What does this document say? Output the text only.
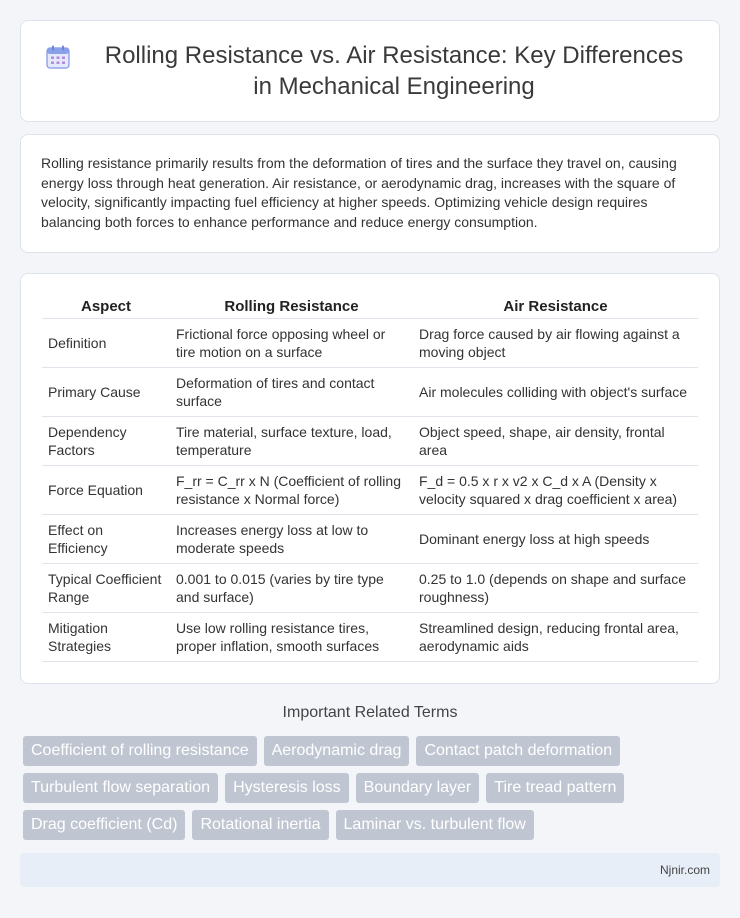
Rolling Resistance vs. Air Resistance: Key Differences in Mechanical Engineering

Rolling resistance primarily results from the deformation of tires and the surface they travel on, causing energy loss through heat generation. Air resistance, or aerodynamic drag, increases with the square of velocity, significantly impacting fuel efficiency at higher speeds. Optimizing vehicle design requires balancing both forces to enhance performance and reduce energy consumption.

Aspect	Rolling Resistance	Air Resistance
Definition	Frictional force opposing wheel or tire motion on a surface	Drag force caused by air flowing against a moving object
Primary Cause	Deformation of tires and contact surface	Air molecules colliding with object's surface
Dependency Factors	Tire material, surface texture, load, temperature	Object speed, shape, air density, frontal area
Force Equation	F_rr = C_rr x N (Coefficient of rolling resistance x Normal force)	F_d = 0.5 x r x v2 x C_d x A (Density x velocity squared x drag coefficient x area)
Effect on Efficiency	Increases energy loss at low to moderate speeds	Dominant energy loss at high speeds
Typical Coefficient Range	0.001 to 0.015 (varies by tire type and surface)	0.25 to 1.0 (depends on shape and surface roughness)
Mitigation Strategies	Use low rolling resistance tires, proper inflation, smooth surfaces	Streamlined design, reducing frontal area, aerodynamic aids
Important Related Terms
Coefficient of rolling resistance	Aerodynamic drag	Contact patch deformation
Turbulent flow separation	Hysteresis loss	Boundary layer	Tire tread pattern
Drag coefficient (Cd)	Rotational inertia	Laminar vs. turbulent flow
Njnir.com
